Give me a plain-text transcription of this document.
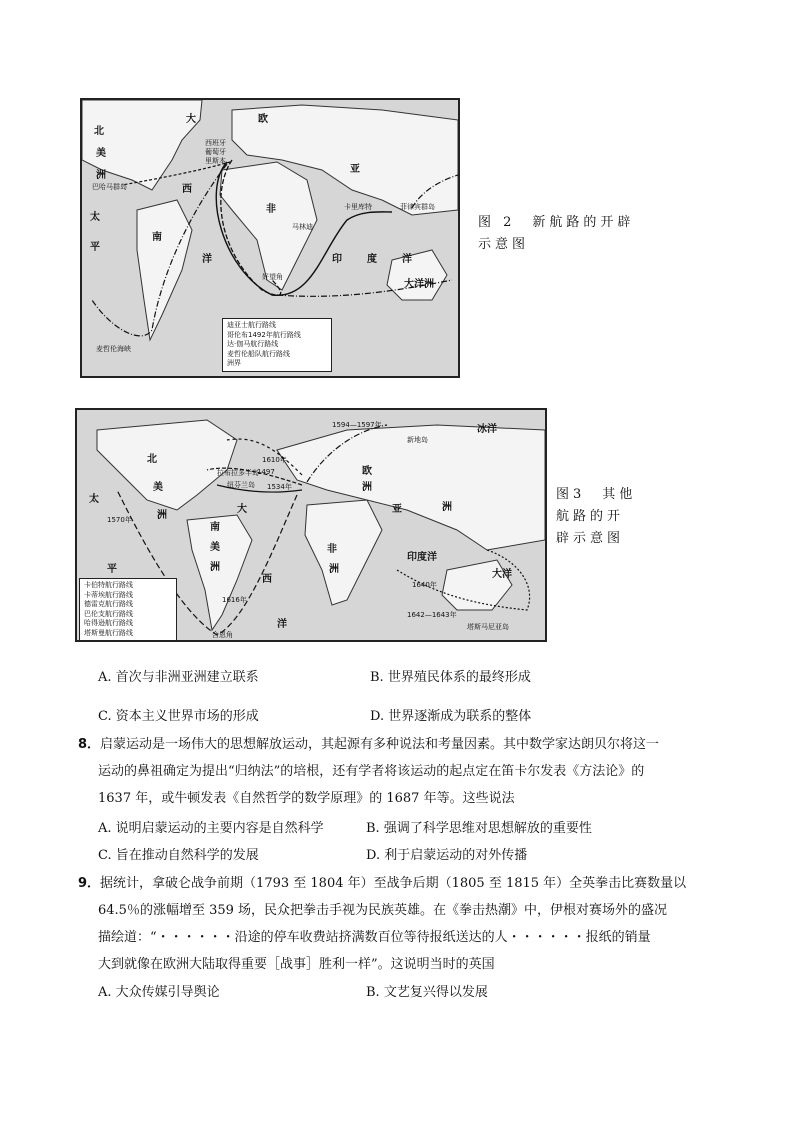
北
美
洲
大	欧
亚
西
非
洋
南
太
平
印	度	洋
西班牙
葡萄牙
里斯本
巴哈马群岛
卡里库特	菲律宾群岛
马林迪
好望角
麦哲伦海峡
大洋洲
迪亚士航行路线
哥伦布1492年航行路线
达·伽马航行路线
麦哲伦船队航行路线
洲界
图 2　新航路的开辟
示意图
北
美
洲
大
欧
洲
亚	洲
非
洲
南
美
洲
太
平
西
洋
印度洋
大洋
冰洋
拉布拉多半岛
纽芬兰岛
1497
1534年
1610年
1594—1597年
新地岛
1570年
1616年
1640年
1642—1643年
塔斯马尼亚岛
合恩角
卡伯特航行路线
卡蒂埃航行路线
德雷克航行路线
巴伦支航行路线
哈得逊航行路线
塔斯曼航行路线
图3　其他
航路的开
辟示意图
A. 首次与非洲亚洲建立联系	B. 世界殖民体系的最终形成
C. 资本主义世界市场的形成	D. 世界逐渐成为联系的整体
8．启蒙运动是一场伟大的思想解放运动，其起源有多种说法和考量因素。其中数学家达朗贝尔将这一
运动的鼻祖确定为提出“归纳法”的培根，还有学者将该运动的起点定在笛卡尔发表《方法论》的
1637 年，或牛顿发表《自然哲学的数学原理》的 1687 年等。这些说法
A. 说明启蒙运动的主要内容是自然科学	B. 强调了科学思维对思想解放的重要性
C. 旨在推动自然科学的发展	D. 利于启蒙运动的对外传播
9．据统计，拿破仑战争前期（1793 至 1804 年）至战争后期（1805 至 1815 年）全英拳击比赛数量以
64.5％的涨幅增至 359 场，民众把拳击手视为民族英雄。在《拳击热潮》中，伊根对赛场外的盛况
描绘道：“・・・・・・沿途的停车收费站挤满数百位等待报纸送达的人・・・・・・报纸的销量
大到就像在欧洲大陆取得重要［战事］胜利一样”。这说明当时的英国
A. 大众传媒引导舆论	B. 文艺复兴得以发展
